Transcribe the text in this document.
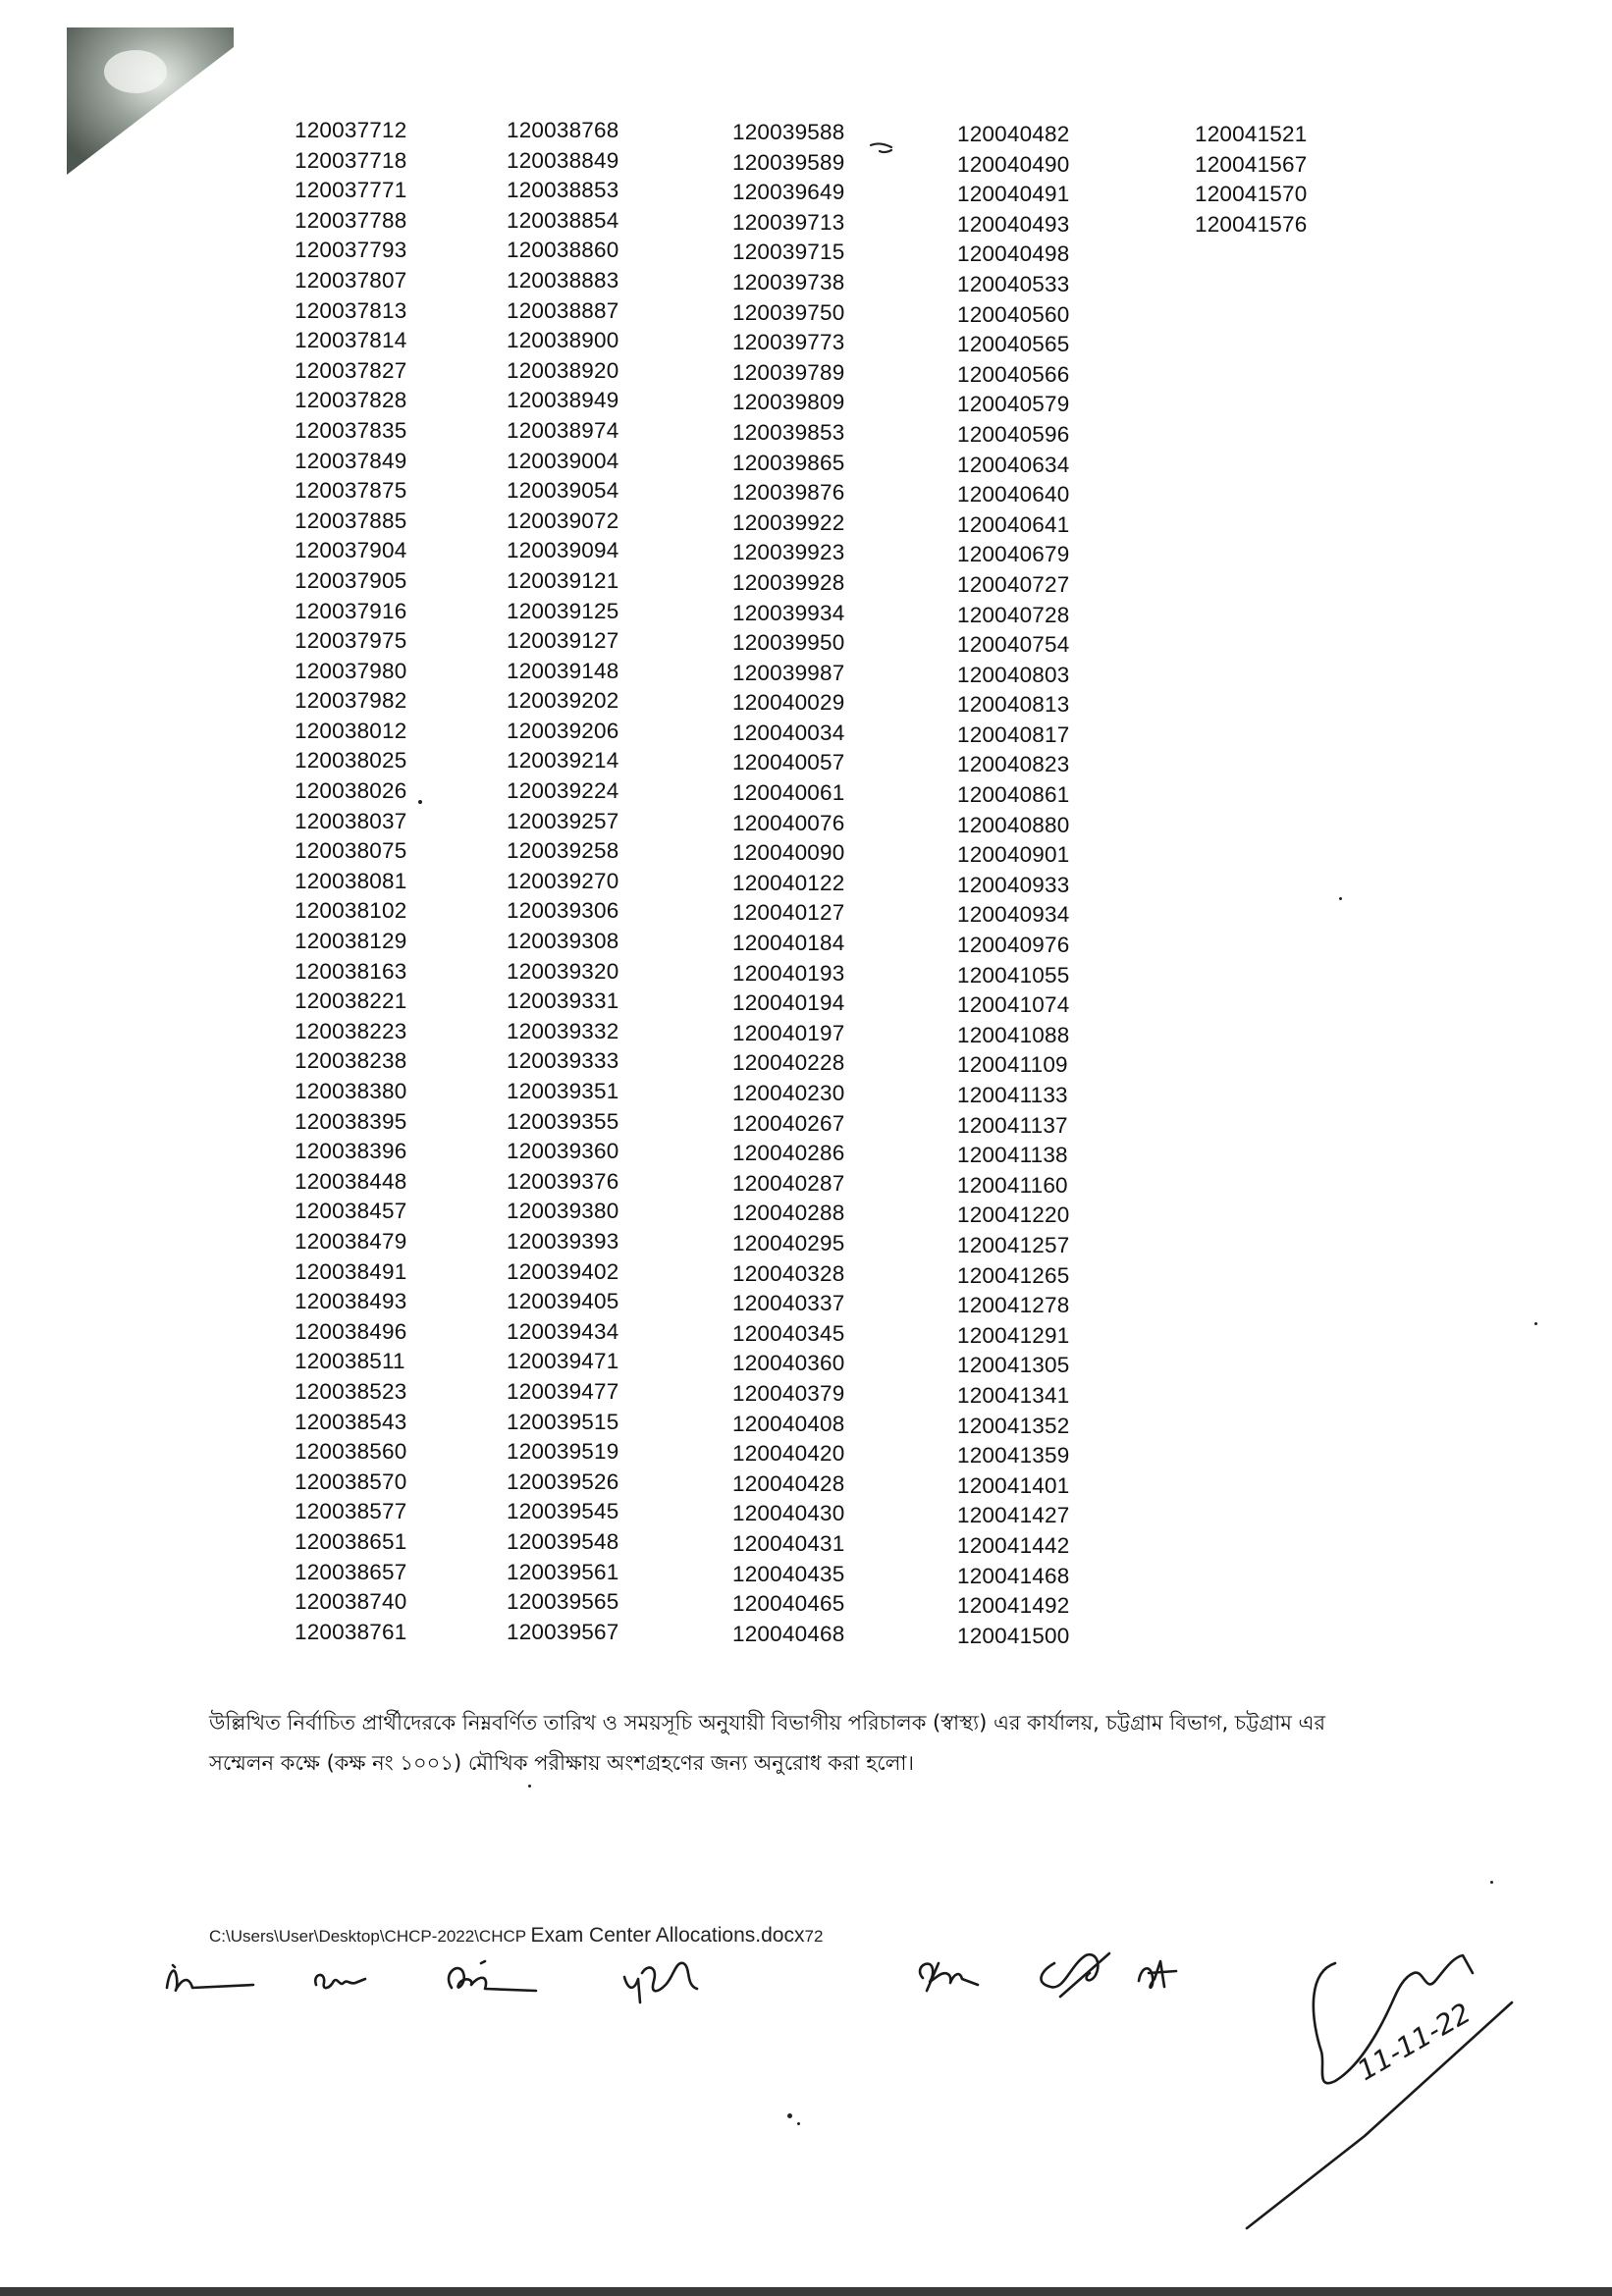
120037712
120037718
120037771
120037788
120037793
120037807
120037813
120037814
120037827
120037828
120037835
120037849
120037875
120037885
120037904
120037905
120037916
120037975
120037980
120037982
120038012
120038025
120038026
120038037
120038075
120038081
120038102
120038129
120038163
120038221
120038223
120038238
120038380
120038395
120038396
120038448
120038457
120038479
120038491
120038493
120038496
120038511
120038523
120038543
120038560
120038570
120038577
120038651
120038657
120038740
120038761
120038768
120038849
120038853
120038854
120038860
120038883
120038887
120038900
120038920
120038949
120038974
120039004
120039054
120039072
120039094
120039121
120039125
120039127
120039148
120039202
120039206
120039214
120039224
120039257
120039258
120039270
120039306
120039308
120039320
120039331
120039332
120039333
120039351
120039355
120039360
120039376
120039380
120039393
120039402
120039405
120039434
120039471
120039477
120039515
120039519
120039526
120039545
120039548
120039561
120039565
120039567
120039588
120039589
120039649
120039713
120039715
120039738
120039750
120039773
120039789
120039809
120039853
120039865
120039876
120039922
120039923
120039928
120039934
120039950
120039987
120040029
120040034
120040057
120040061
120040076
120040090
120040122
120040127
120040184
120040193
120040194
120040197
120040228
120040230
120040267
120040286
120040287
120040288
120040295
120040328
120040337
120040345
120040360
120040379
120040408
120040420
120040428
120040430
120040431
120040435
120040465
120040468
120040482
120040490
120040491
120040493
120040498
120040533
120040560
120040565
120040566
120040579
120040596
120040634
120040640
120040641
120040679
120040727
120040728
120040754
120040803
120040813
120040817
120040823
120040861
120040880
120040901
120040933
120040934
120040976
120041055
120041074
120041088
120041109
120041133
120041137
120041138
120041160
120041220
120041257
120041265
120041278
120041291
120041305
120041341
120041352
120041359
120041401
120041427
120041442
120041468
120041492
120041500
120041521
120041567
120041570
120041576
উল্লিখিত নির্বাচিত প্রার্থীদেরকে নিম্নবর্ণিত তারিখ ও সময়সূচি অনুযায়ী বিভাগীয় পরিচালক (স্বাস্থ্য) এর কার্যালয়, চট্টগ্রাম বিভাগ, চট্টগ্রাম এর
সম্মেলন কক্ষে (কক্ষ নং ১০০১) মৌখিক পরীক্ষায় অংশগ্রহণের জন্য অনুরোধ করা হলো।
C:\Users\User\Desktop\CHCP-2022\CHCP Exam Center Allocations.docx72
11-11-22
